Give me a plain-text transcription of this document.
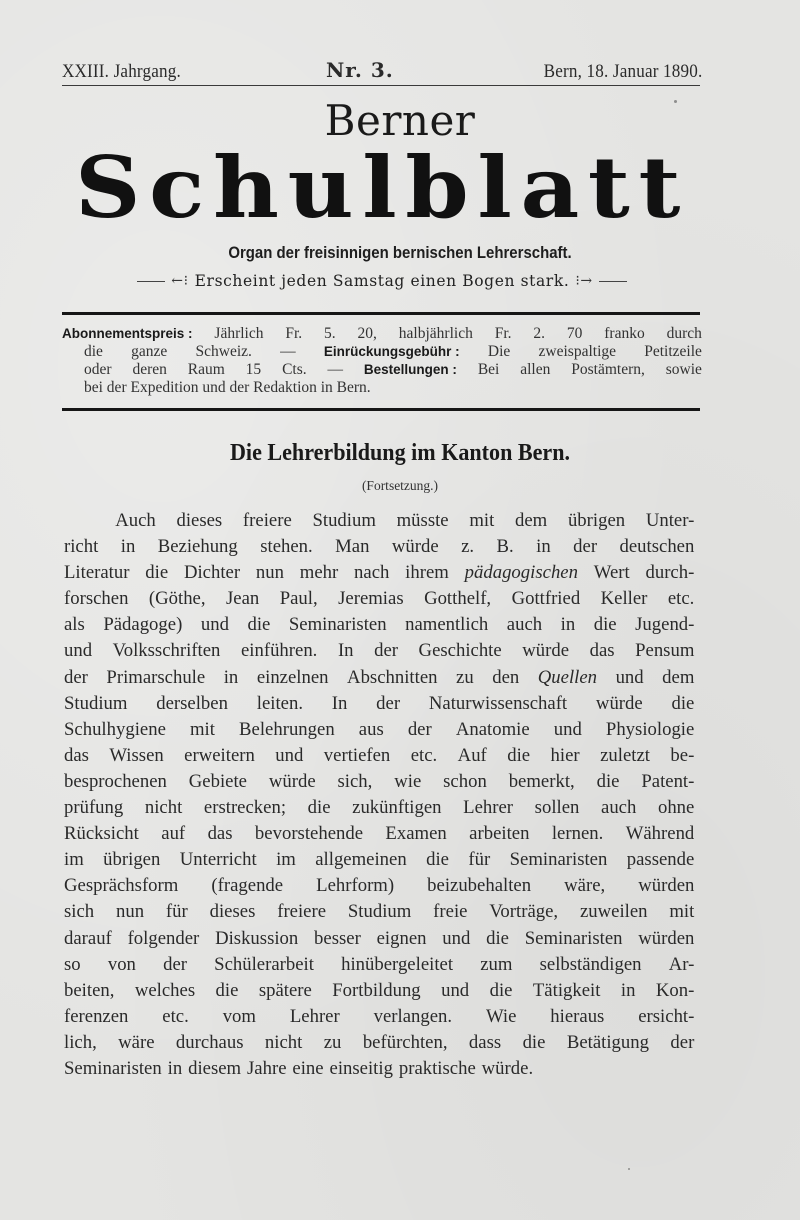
XXIII. Jahrgang.	Nr. 3.	Bern, 18. Januar 1890.
Berner
Schulblatt
Organ der freisinnigen bernischen Lehrerschaft.
←⁝ Erscheint jeden Samstag einen Bogen stark. ⁝→
Abonnementspreis : Jährlich Fr. 5. 20, halbjährlich Fr. 2. 70 franko durch
die ganze Schweiz. — Einrückungsgebühr : Die zweispaltige Petitzeile
oder deren Raum 15 Cts. — Bestellungen : Bei allen Postämtern, sowie
bei der Expedition und der Redaktion in Bern.
Die Lehrerbildung im Kanton Bern.
(Fortsetzung.)
Auch dieses freiere Studium müsste mit dem übrigen Unter-
richt in Beziehung stehen. Man würde z. B. in der deutschen
Literatur die Dichter nun mehr nach ihrem pädagogischen Wert durch-
forschen (Göthe, Jean Paul, Jeremias Gotthelf, Gottfried Keller etc.
als Pädagoge) und die Seminaristen namentlich auch in die Jugend-
und Volksschriften einführen. In der Geschichte würde das Pensum
der Primarschule in einzelnen Abschnitten zu den Quellen und dem
Studium derselben leiten. In der Naturwissenschaft würde die
Schulhygiene mit Belehrungen aus der Anatomie und Physiologie
das Wissen erweitern und vertiefen etc. Auf die hier zuletzt be-
besprochenen Gebiete würde sich, wie schon bemerkt, die Patent-
prüfung nicht erstrecken; die zukünftigen Lehrer sollen auch ohne
Rücksicht auf das bevorstehende Examen arbeiten lernen. Während
im übrigen Unterricht im allgemeinen die für Seminaristen passende
Gesprächsform (fragende Lehrform) beizubehalten wäre, würden
sich nun für dieses freiere Studium freie Vorträge, zuweilen mit
darauf folgender Diskussion besser eignen und die Seminaristen würden
so von der Schülerarbeit hinübergeleitet zum selbständigen Ar-
beiten, welches die spätere Fortbildung und die Tätigkeit in Kon-
ferenzen etc. vom Lehrer verlangen. Wie hieraus ersicht-
lich, wäre durchaus nicht zu befürchten, dass die Betätigung der
Seminaristen in diesem Jahre eine einseitig praktische würde.
